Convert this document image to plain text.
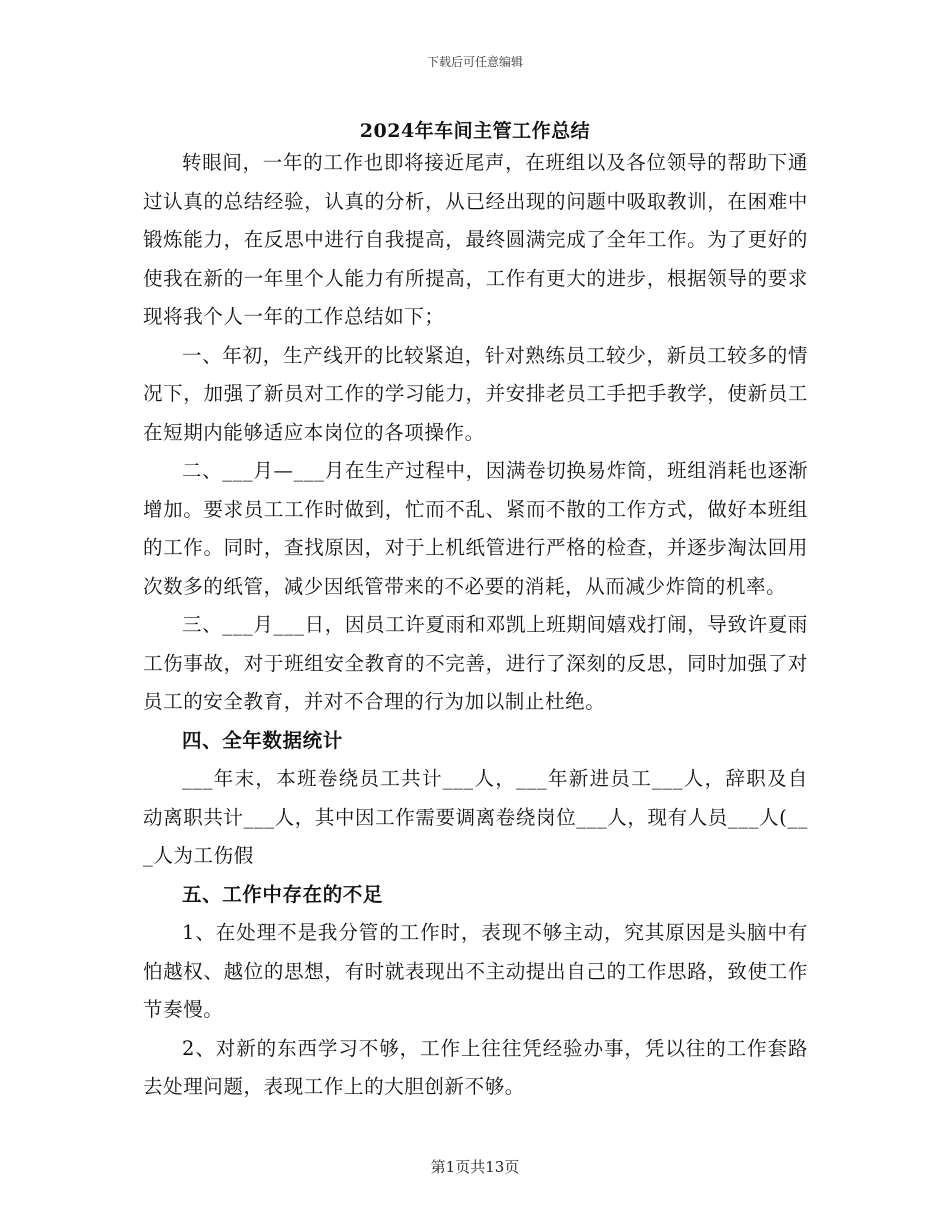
下载后可任意编辑
2024年车间主管工作总结

转眼间，一年的工作也即将接近尾声，在班组以及各位领导的帮助下通过认真的总结经验，认真的分析，从已经出现的问题中吸取教训，在困难中锻炼能力，在反思中进行自我提高，最终圆满完成了全年工作。为了更好的使我在新的一年里个人能力有所提高，工作有更大的进步，根据领导的要求现将我个人一年的工作总结如下；

一、年初，生产线开的比较紧迫，针对熟练员工较少，新员工较多的情况下，加强了新员对工作的学习能力，并安排老员工手把手教学，使新员工在短期内能够适应本岗位的各项操作。

二、___月—___月在生产过程中，因满卷切换易炸筒，班组消耗也逐渐增加。要求员工工作时做到，忙而不乱、紧而不散的工作方式，做好本班组的工作。同时，查找原因，对于上机纸管进行严格的检查，并逐步淘汰回用次数多的纸管，减少因纸管带来的不必要的消耗，从而减少炸筒的机率。

三、___月___日，因员工许夏雨和邓凯上班期间嬉戏打闹，导致许夏雨工伤事故，对于班组安全教育的不完善，进行了深刻的反思，同时加强了对员工的安全教育，并对不合理的行为加以制止杜绝。

四、全年数据统计

___年末，本班卷绕员工共计___人，___年新进员工___人，辞职及自动离职共计___人，其中因工作需要调离卷绕岗位___人，现有人员___人(___人为工伤假

五、工作中存在的不足

1、在处理不是我分管的工作时，表现不够主动，究其原因是头脑中有怕越权、越位的思想，有时就表现出不主动提出自己的工作思路，致使工作节奏慢。

2、对新的东西学习不够，工作上往往凭经验办事，凭以往的工作套路去处理问题，表现工作上的大胆创新不够。

第1页共13页
